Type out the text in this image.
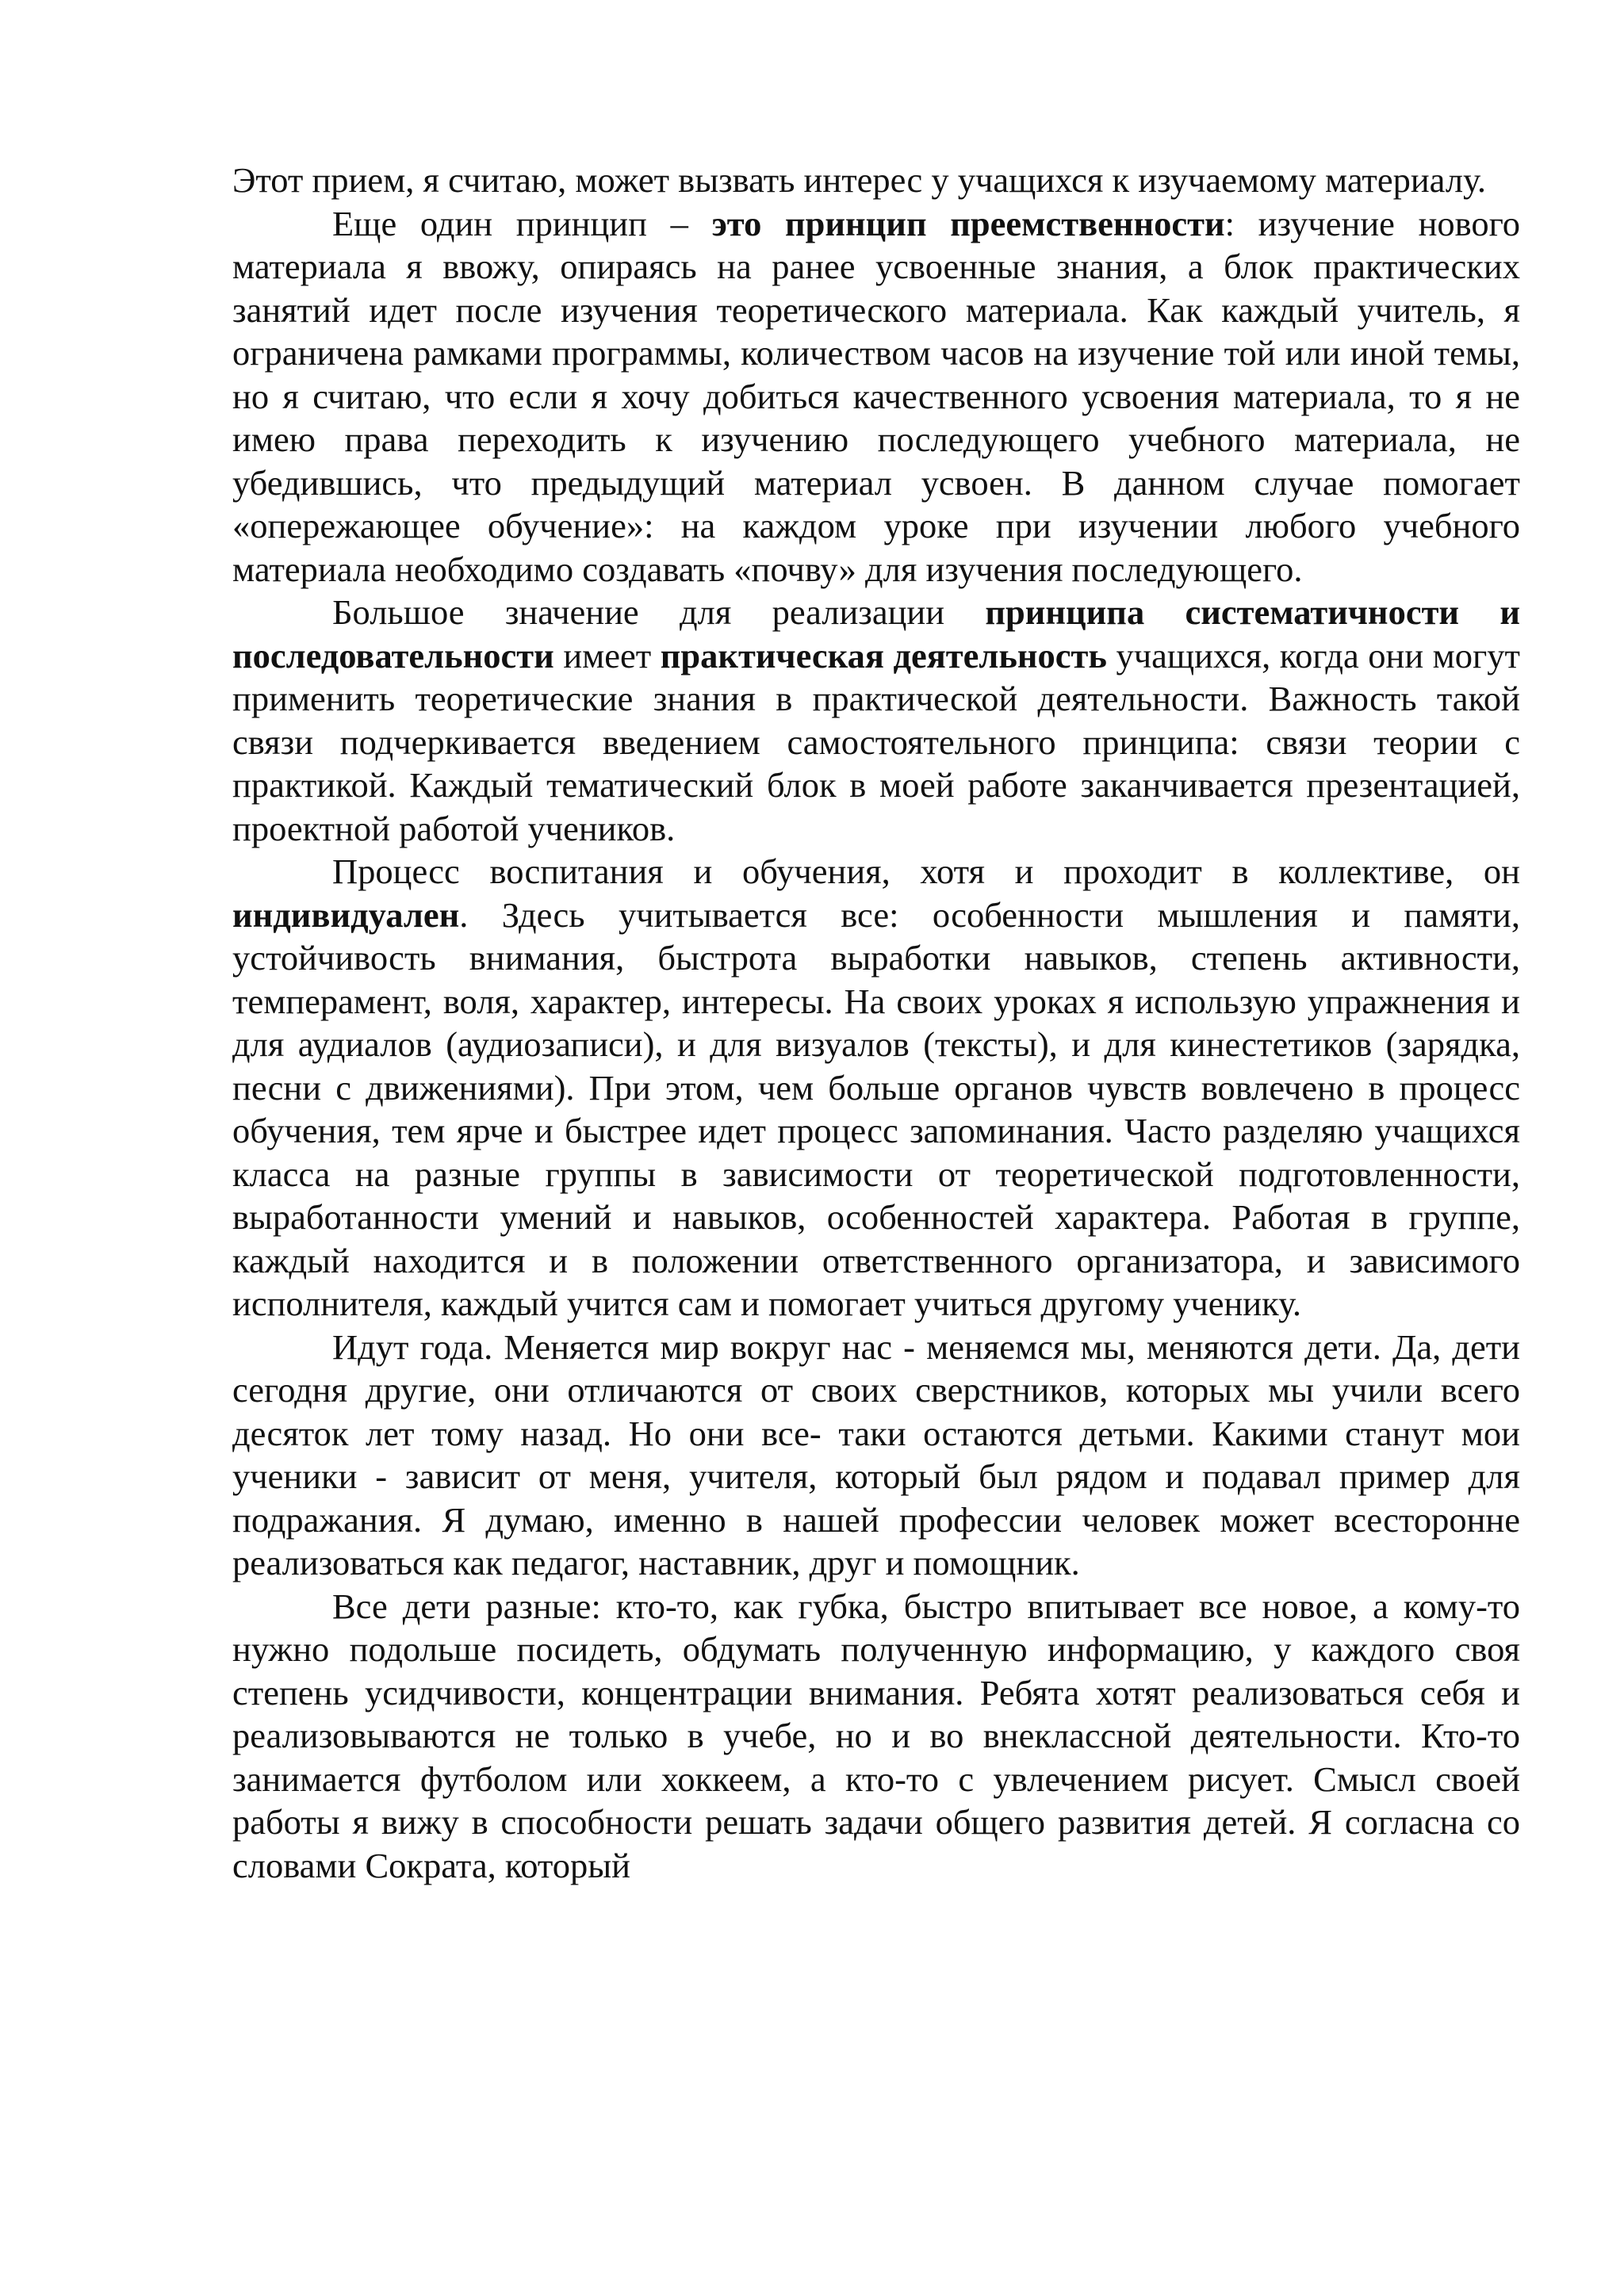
Этот прием, я считаю, может вызвать интерес у учащихся к изучаемому материалу.

Еще один принцип – это принцип преемственности: изучение нового материала я ввожу, опираясь на ранее усвоенные знания, а блок практических занятий идет после изучения теоретического материала. Как каждый учитель, я ограничена рамками программы, количеством часов на изучение той или иной темы, но я считаю, что если я хочу добиться качественного усвоения материала, то я не имею права переходить к изучению последующего учебного материала, не убедившись, что предыдущий материал усвоен. В данном случае помогает «опережающее обучение»: на каждом уроке при изучении любого учебного материала необходимо создавать «почву» для изучения последующего.

Большое значение для реализации принципа систематичности и последовательности имеет практическая деятельность учащихся, когда они могут применить теоретические знания в практической деятельности. Важность такой связи подчеркивается введением самостоятельного принципа: связи теории с практикой. Каждый тематический блок в моей работе заканчивается презентацией, проектной работой учеников.

Процесс воспитания и обучения, хотя и проходит в коллективе, он индивидуален. Здесь учитывается все: особенности мышления и памяти, устойчивость внимания, быстрота выработки навыков, степень активности, темперамент, воля, характер, интересы. На своих уроках я использую упражнения и для аудиалов (аудиозаписи), и для визуалов (тексты), и для кинестетиков (зарядка, песни с движениями). При этом, чем больше органов чувств вовлечено в процесс обучения, тем ярче и быстрее идет процесс запоминания. Часто разделяю учащихся класса на разные группы в зависимости от теоретической подготовленности, выработанности умений и навыков, особенностей характера. Работая в группе, каждый находится и в положении ответственного организатора, и зависимого исполнителя, каждый учится сам и помогает учиться другому ученику.

Идут года. Меняется мир вокруг нас - меняемся мы, меняются дети. Да, дети сегодня другие, они отличаются от своих сверстников, которых мы учили всего десяток лет тому назад. Но они все- таки остаются детьми. Какими станут мои ученики - зависит от меня, учителя, который был рядом и подавал пример для подражания. Я думаю, именно в нашей профессии человек может всесторонне реализоваться как педагог, наставник, друг и помощник.

Все дети разные: кто-то, как губка, быстро впитывает все новое, а кому-то нужно подольше посидеть, обдумать полученную информацию, у каждого своя степень усидчивости, концентрации внимания. Ребята хотят реализоваться себя и реализовываются не только в учебе, но и во внеклассной деятельности. Кто-то занимается футболом или хоккеем, а кто-то с увлечением рисует. Смысл своей работы я вижу в способности решать задачи общего развития детей. Я согласна со словами Сократа, который
